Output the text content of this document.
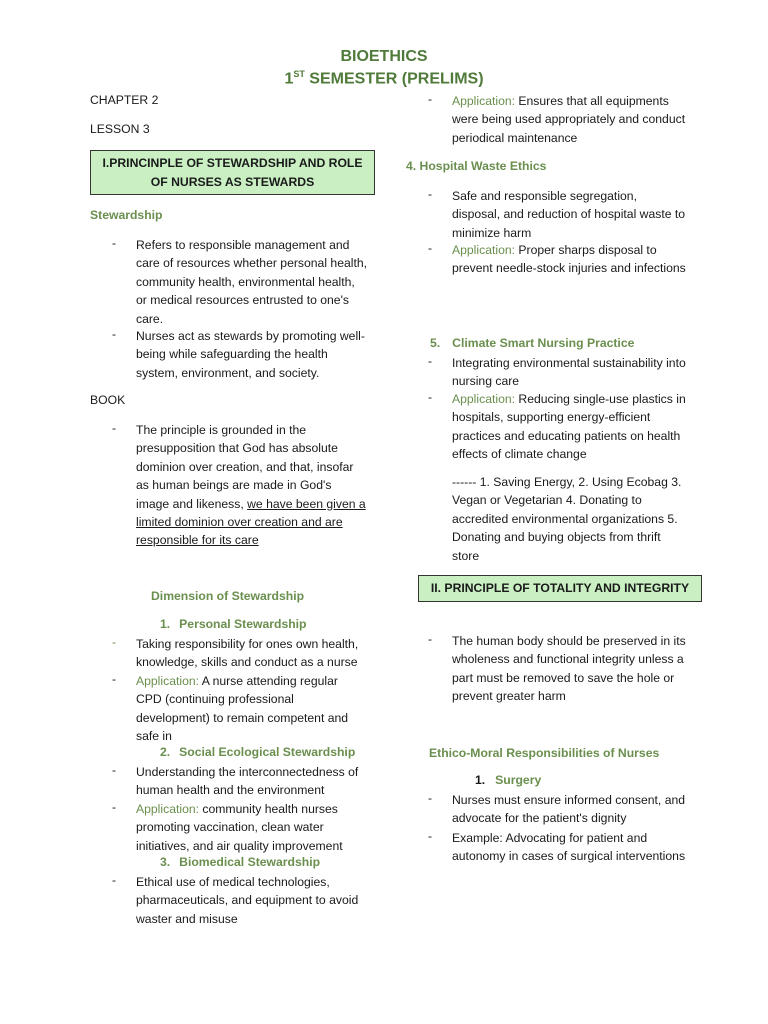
BIOETHICS
1ST SEMESTER (PRELIMS)
CHAPTER 2
LESSON 3
I.PRINCINPLE OF STEWARDSHIP AND ROLE OF NURSES AS STEWARDS
Stewardship
-	Refers to responsible management and care of resources whether personal health, community health, environmental health, or medical resources entrusted to one's care.
-	Nurses act as stewards by promoting well-being while safeguarding the health system, environment, and society.
BOOK
-	The principle is grounded in the presupposition that God has absolute dominion over creation, and that, insofar as human beings are made in God's image and likeness, we have been given a limited dominion over creation and are responsible for its care
Dimension of Stewardship
1. Personal Stewardship
-	Taking responsibility for ones own health, knowledge, skills and conduct as a nurse
-	Application: A nurse attending regular CPD (continuing professional development) to remain competent and safe in
2. Social Ecological Stewardship
-	Understanding the interconnectedness of human health and the environment
-	Application: community health nurses promoting vaccination, clean water initiatives, and air quality improvement
3. Biomedical Stewardship
-	Ethical use of medical technologies, pharmaceuticals, and equipment to avoid waster and misuse
-	Application: Ensures that all equipments were being used appropriately and conduct periodical maintenance
4. Hospital Waste Ethics
-	Safe and responsible segregation, disposal, and reduction of hospital waste to minimize harm
-	Application: Proper sharps disposal to prevent needle-stock injuries and infections
5. Climate Smart Nursing Practice
-	Integrating environmental sustainability into nursing care
-	Application: Reducing single-use plastics in hospitals, supporting energy-efficient practices and educating patients on health effects of climate change
------ 1. Saving Energy, 2. Using Ecobag 3. Vegan or Vegetarian 4. Donating to accredited environmental organizations 5. Donating and buying objects from thrift store
II. PRINCIPLE OF TOTALITY AND INTEGRITY
-	The human body should be preserved in its wholeness and functional integrity unless a part must be removed to save the hole or prevent greater harm
Ethico-Moral Responsibilities of Nurses
1. Surgery
-	Nurses must ensure informed consent, and advocate for the patient's dignity
-	Example: Advocating for patient and autonomy in cases of surgical interventions
